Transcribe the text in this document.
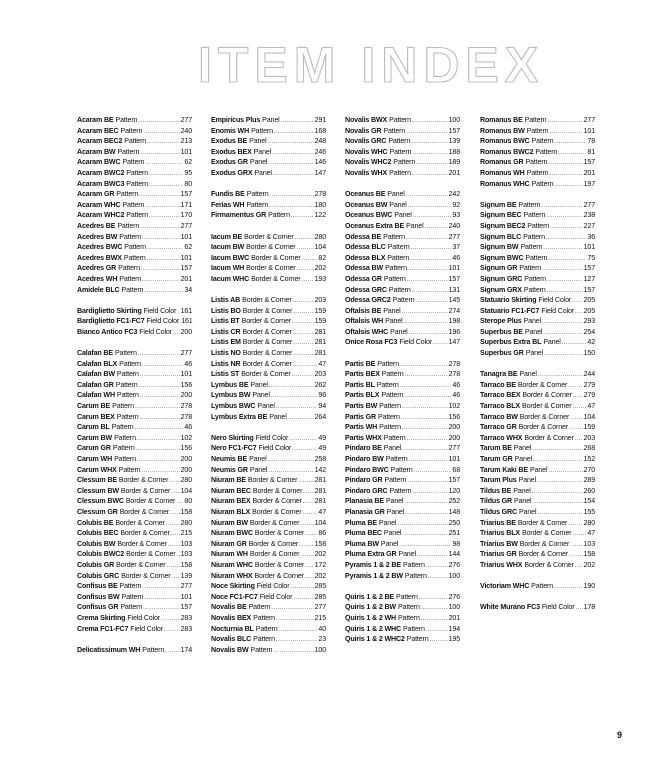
ITEM INDEX
Acaram BE Pattern .....	277
Acaram BEC Pattern .....	240
Acaram BEC2 Pattern .....	213
Acaram BW Pattern .....	101
Acaram BWC Pattern .....	62
Acaram BWC2 Pattern .....	95
Acaram BWC3 Pattern .....	80
Acaram GR Pattern .....	157
Acaram WHC Pattern .....	171
Acaram WHC2 Pattern .....	170
Acedres BE Pattern .....	277
Acedres BW Pattern .....	101
Acedres BWC Pattern .....	62
Acedres BWX Pattern .....	101
Acedres GR Pattern .....	157
Acedres WH Pattern .....	201
Amidele BLC Pattern .....	34
Bardiglietto Skirting Field Color ..... 161
Bardiglietto FC1-FC7 Field Color 161
Bianco Antico FC3 Field Color ..... 200
Calafan BE Pattern .....	277
Calafan BLX Pattern .....	46
Calafan BW Pattern .....	101
Calafan GR Pattern .....	156
Calafan WH Pattern .....	200
Carum BE Pattern .....	278
Carum BEX Pattern .....	278
Carum BL Pattern .....	46
Carum BW Pattern .....	102
Carum GR Pattern .....	156
Carum WH Pattern .....	200
Carum WHX Pattern .....	200
Clessum BE Border & Corner ..... 280
Clessum BW Border & Corner ..... 104
Clessum BWC Border & Corner ..... 80
Clessum GR Border & Corner ..... 158
Colubis BE Border & Corner ..... 280
Colubis BEC Border & Corner ..... 215
Colubis BW Border & Corner ..... 103
Colubis BWC2 Border & Corner ..... 103
Colubis GR Border & Corner ..... 158
Colubis GRC Border & Corner ..... 139
Confisus BE Pattern .....	277
Confisus BW Pattern .....	101
Confisus GR Pattern .....	157
Crema Skirting Field Color .....	283
Crema FC1-FC7 Field Color ..... 283
Delicatissimum WH Pattern ..... 174
Empiricus Plus Panel .....	291
Enomis WH Pattern .....	168
Exodus BE Panel .....	248
Exodus BEX Panel .....	246
Exodus GR Panel .....	146
Exodus GRX Panel .....	147
Fundis BE Pattern .....	278
Ferias WH Pattern .....	180
Firmamentus GR Pattern .....	122
Iacum BE Border & Corner .....	280
Iacum BW Border & Corner .....	104
Iacum BWC Border & Corner .....	82
Iacum WH Border & Corner .....	202
Iacum WHC Border & Corner ..... 193
Listis AB Border & Corner .....	203
Listis BO Border & Corner .....	159
Listis BT Border & Corner .....	159
Listis CR Border & Corner .....	281
Listis EM Border & Corner .....	281
Listis NO Border & Corner .....	281
Listis NR Border & Corner .....	47
Listis ST Border & Corner .....	203
Lymbus BE Panel .....	262
Lymbus BW Panel .....	96
Lymbus BWC Panel .....	94
Lymbus Extra BE Panel .....	264
Nero Skirting Field Color .....	49
Nero FC1-FC7 Field Color .....	49
Neumis BE Panel .....	258
Neumis GR Panel .....	142
Niuram BE Border & Corner ..... 281
Niuram BEC Border & Corner ..... 281
Niuram BEX Border & Corner ..... 281
Niuram BLX Border & Corner ..... 47
Niuram BW Border & Corner ..... 104
Niuram BWC Border & Corner ..... 86
Niuram GR Border & Corner ..... 158
Niuram WH Border & Corner ..... 202
Niuram WHC Border & Corner ..... 172
Niuram WHX Border & Corner ..... 202
Noce Skirting Field Color .....	285
Noce FC1-FC7 Field Color .....	285
Novalis BE Pattern .....	277
Novalis BEX Pattern .....	215
Nocturnia BL Pattern .....	40
Novalis BLC Pattern .....	23
Novalis BW Pattern .....	100
Novalis BWX Pattern .....	100
Novalis GR Pattern .....	157
Novalis GRC Pattern .....	139
Novalis WHC Pattern .....	188
Novalis WHC2 Pattern .....	189
Novalis WHX Pattern .....	201
Oceanus BE Panel .....	242
Oceanus BW Panel .....	92
Oceanus BWC Panel .....	93
Oceanus Extra BE Panel .....	240
Odessa BE Pattern .....	277
Odessa BLC Pattern .....	37
Odessa BLX Pattern .....	46
Odessa BW Pattern .....	101
Odessa GR Pattern .....	157
Odessa GRC Pattern .....	131
Odessa GRC2 Pattern .....	145
Oftalsis BE Panel .....	274
Oftalsis WH Panel .....	198
Oftalsis WHC Panel .....	196
Onice Rosa FC3 Field Color ..... 147
Partis BE Pattern .....	278
Partis BEX Pattern .....	278
Partis BL Pattern .....	46
Partis BLX Pattern .....	46
Partis BW Pattern .....	102
Partis GR Pattern .....	156
Partis WH Pattern .....	200
Partis WHX Pattern .....	200
Pindaro BE Panel .....	277
Pindaro BW Pattern .....	101
Pindaro BWC Pattern .....	68
Pindaro GR Pattern .....	157
Pindaro GRC Pattern .....	120
Planasia BE Panel .....	252
Planasia GR Panel .....	148
Pluma BE Panel .....	250
Pluma BEC Panel .....	251
Pluma BW Panel .....	98
Pluma Extra GR Panel .....	144
Pyramis 1 & 2 BE Pattern .....	276
Pyramis 1 & 2 BW Pattern .....	100
Quiris 1 & 2 BE Pattern .....	276
Quiris 1 & 2 BW Pattern .....	100
Quiris 1 & 2 WH Pattern .....	201
Quiris 1 & 2 WHC Pattern .....	194
Quiris 1 & 2 WHC2 Pattern .....	195
Romanus BE Pattern .....	277
Romanus BW Pattern .....	101
Romanus BWC Pattern .....	78
Romanus BWC2 Pattern .....	81
Romanus GR Pattern .....	157
Romanus WH Pattern .....	201
Romanus WHC Pattern .....	197
Signum BE Pattern .....	277
Signum BEC Pattern .....	238
Signum BEC2 Pattern .....	227
Signum BLC Pattern .....	36
Signum BW Pattern .....	101
Signum BWC Pattern .....	75
Signum GR Pattern .....	157
Signum GRC Pattern .....	127
Signum GRX Pattern .....	157
Statuario Skirting Field Color ..... 205
Statuario FC1-FC7 Field Color ..... 205
Sterope Plus Panel .....	293
Superbus BE Panel .....	254
Superbus Extra BL Panel .....	42
Superbus GR Panel .....	150
Tanagra BE Panel .....	244
Tarraco BE Border & Corner ..... 279
Tarraco BEX Border & Corner ..... 279
Tarraco BLX Border & Corner ..... 47
Tarraco BW Border & Corner ..... 104
Tarraco GR Border & Corner ..... 159
Tarraco WHX Border & Corner ..... 203
Tarum BE Panel .....	268
Tarum GR Panel .....	152
Tarum Kaki BE Panel .....	270
Tarum Plus Panel .....	289
Tildus BE Panel .....	260
Tildus GR Panel .....	154
Tildus GRC Panel .....	155
Triarius BE Border & Corner ..... 280
Triarius BLX Border & Corner ..... 47
Triarius BW Border & Corner ..... 103
Triarius GR Border & Corner ..... 158
Triarius WHX Border & Corner ..... 202
Victoriam WHC Pattern .....	190
White Murano FC3 Field Color ..... 178
9
